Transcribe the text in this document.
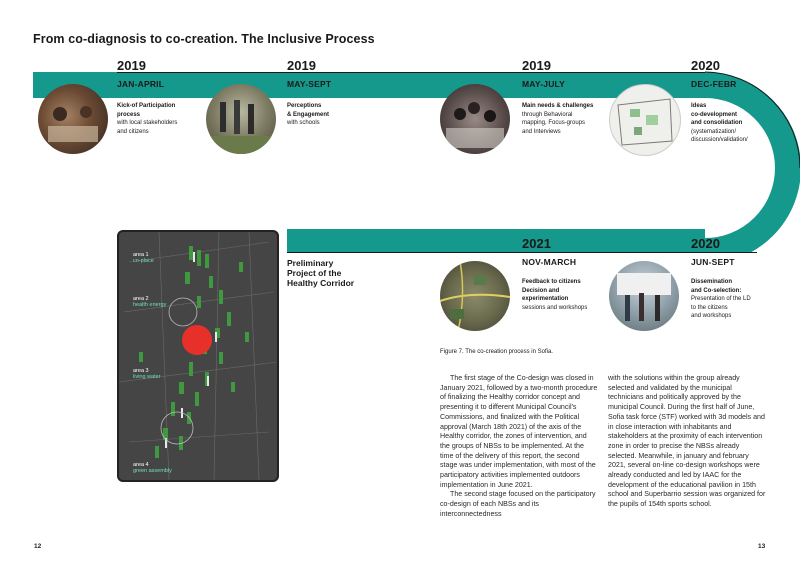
From co-diagnosis to co-creation. The Inclusive Process
2019
JAN-APRIL
2019
MAY-SEPT
2019
MAY-JULY
2020
DEC-FEBR
Kick-of Participation
process
with local stakeholders
and citizens
Perceptions
& Engagement
with schools
Main needs & challenges
through Behavioral
mapping, Focus-groups
and Interviews
Ideas
co-development
and consolidation
(systematization/
discussion/validation/
2021
NOV-MARCH
2020
JUN-SEPT
Feedback to citizens
Decision and
experimentation
sessions and workshops
Dissemination
and Co-selection:
Presentation of the LD
to the citizens
and workshops
Preliminary
Project of the
Healthy Corridor
area 1
co-place
area 2
health energy
area 3
living water
area 4
green assembly
Figure 7. The co-creation process in Sofia.

The first stage of the Co-design was closed in January 2021, followed by a two-month procedure of finalizing the Healthy corridor concept and presenting it to different Municipal Council's Commissions, and finalized with the Political approval (March 18th 2021) of the axis of the Healthy corridor, the zones of intervention, and the groups of NBSs to be implemented. At the time of the delivery of this report, the second stage was under implementation, with most of the participatory activities implemented outdoors implementation in June 2021.

The second stage focused on the participatory co-design of each NBSs and its interconnectedness

with the solutions within the group already selected and validated by the municipal technicians and politically approved by the municipal Council. During the first half of June, Sofia task force (STF) worked with 3d models and in close interaction with inhabitants and stakeholders at the proximity of each intervention zone in order to precise the NBSs already selected. Meanwhile, in january and february 2021, several on-line co-design workshops were already conducted and led by IAAC for the development of the educational pavilion in 15th school and Superbarrio session was organized for the pupils of 154th sports school.

12	13
